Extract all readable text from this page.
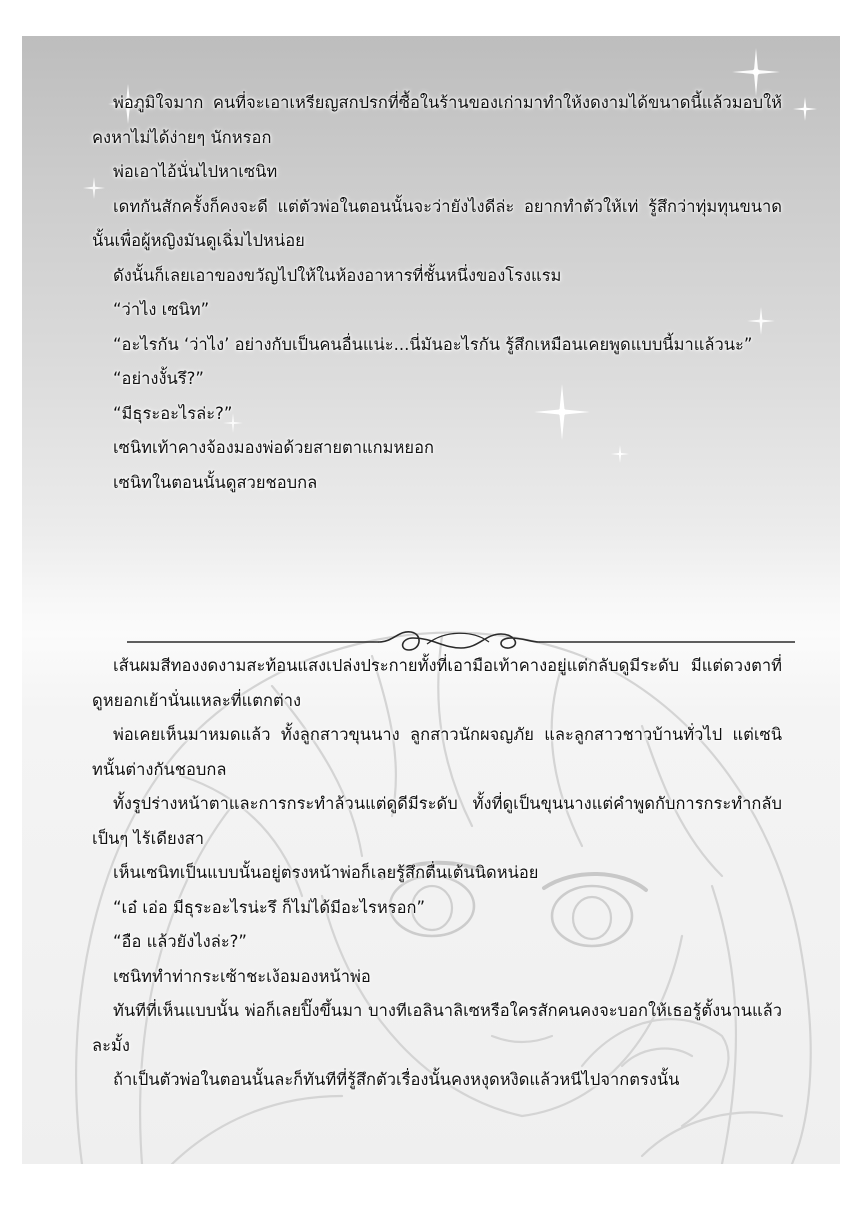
พ่อภูมิใจมาก คนที่จะเอาเหรียญสกปรกที่ซื้อในร้านของเก่ามาทำให้งดงามได้ขนาดนี้แล้วมอบให้คงหาไม่ได้ง่ายๆ นักหรอก

พ่อเอาไอ้นั่นไปหาเซนิท

เดทกันสักครั้งก็คงจะดี แต่ตัวพ่อในตอนนั้นจะว่ายังไงดีล่ะ อยากทำตัวให้เท่ รู้สึกว่าทุ่มทุนขนาดนั้นเพื่อผู้หญิงมันดูเฉิ่มไปหน่อย

ดังนั้นก็เลยเอาของขวัญไปให้ในห้องอาหารที่ชั้นหนึ่งของโรงแรม

“ว่าไง เซนิท”

“อะไรกัน ‘ว่าไง’ อย่างกับเป็นคนอื่นแน่ะ...นี่มันอะไรกัน รู้สึกเหมือนเคยพูดแบบนี้มาแล้วนะ”

“อย่างงั้นรึ?”

“มีธุระอะไรล่ะ?”

เซนิทเท้าคางจ้องมองพ่อด้วยสายตาแกมหยอก

เซนิทในตอนนั้นดูสวยชอบกล

เส้นผมสีทองงดงามสะท้อนแสงเปล่งประกายทั้งที่เอามือเท้าคางอยู่แต่กลับดูมีระดับ มีแต่ดวงตาที่ดูหยอกเย้านั่นแหละที่แตกต่าง

พ่อเคยเห็นมาหมดแล้ว ทั้งลูกสาวขุนนาง ลูกสาวนักผจญภัย และลูกสาวชาวบ้านทั่วไป แต่เซนิทนั้นต่างกันชอบกล

ทั้งรูปร่างหน้าตาและการกระทำล้วนแต่ดูดีมีระดับ ทั้งที่ดูเป็นขุนนางแต่คำพูดกับการกระทำกลับเป็นๆ ไร้เดียงสา

เห็นเซนิทเป็นแบบนั้นอยู่ตรงหน้าพ่อก็เลยรู้สึกตื่นเต้นนิดหน่อย

“เอ๋ เอ่อ มีธุระอะไรน่ะรึ ก็ไม่ได้มีอะไรหรอก”

“อือ แล้วยังไงล่ะ?”

เซนิททำท่ากระเซ้าชะเง้อมองหน้าพ่อ

ทันทีที่เห็นแบบนั้น พ่อก็เลยปิ๊งขึ้นมา บางทีเอลินาลิเซหรือใครสักคนคงจะบอกให้เธอรู้ตั้งนานแล้วละมั้ง

ถ้าเป็นตัวพ่อในตอนนั้นละก็ทันทีที่รู้สึกตัวเรื่องนั้นคงหงุดหงิดแล้วหนีไปจากตรงนั้น
